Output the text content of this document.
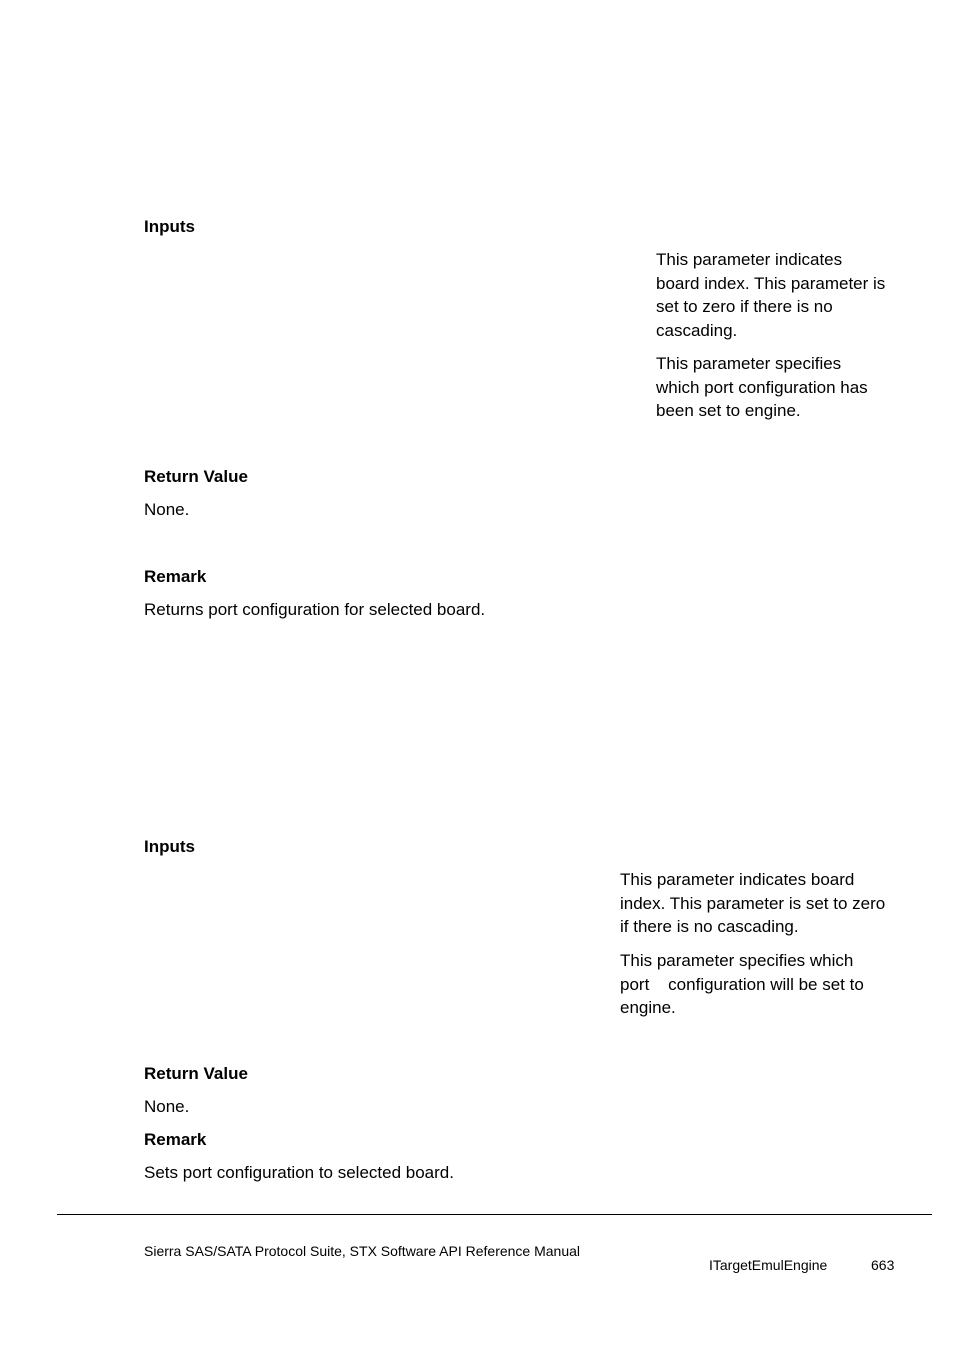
Inputs
This parameter indicates
board index. This parameter is
set to zero if there is no
cascading.
This parameter specifies
which port configuration has
been set to engine.
Return Value
None.
Remark
Returns port configuration for selected board.
Inputs
This parameter indicates board
index. This parameter is set to zero
if there is no cascading.
This parameter specifies which
port    configuration will be set to
engine.
Return Value
None.
Remark
Sets port configuration to selected board.
Sierra SAS/SATA Protocol Suite, STX Software API Reference Manual
ITargetEmulEngine	663
